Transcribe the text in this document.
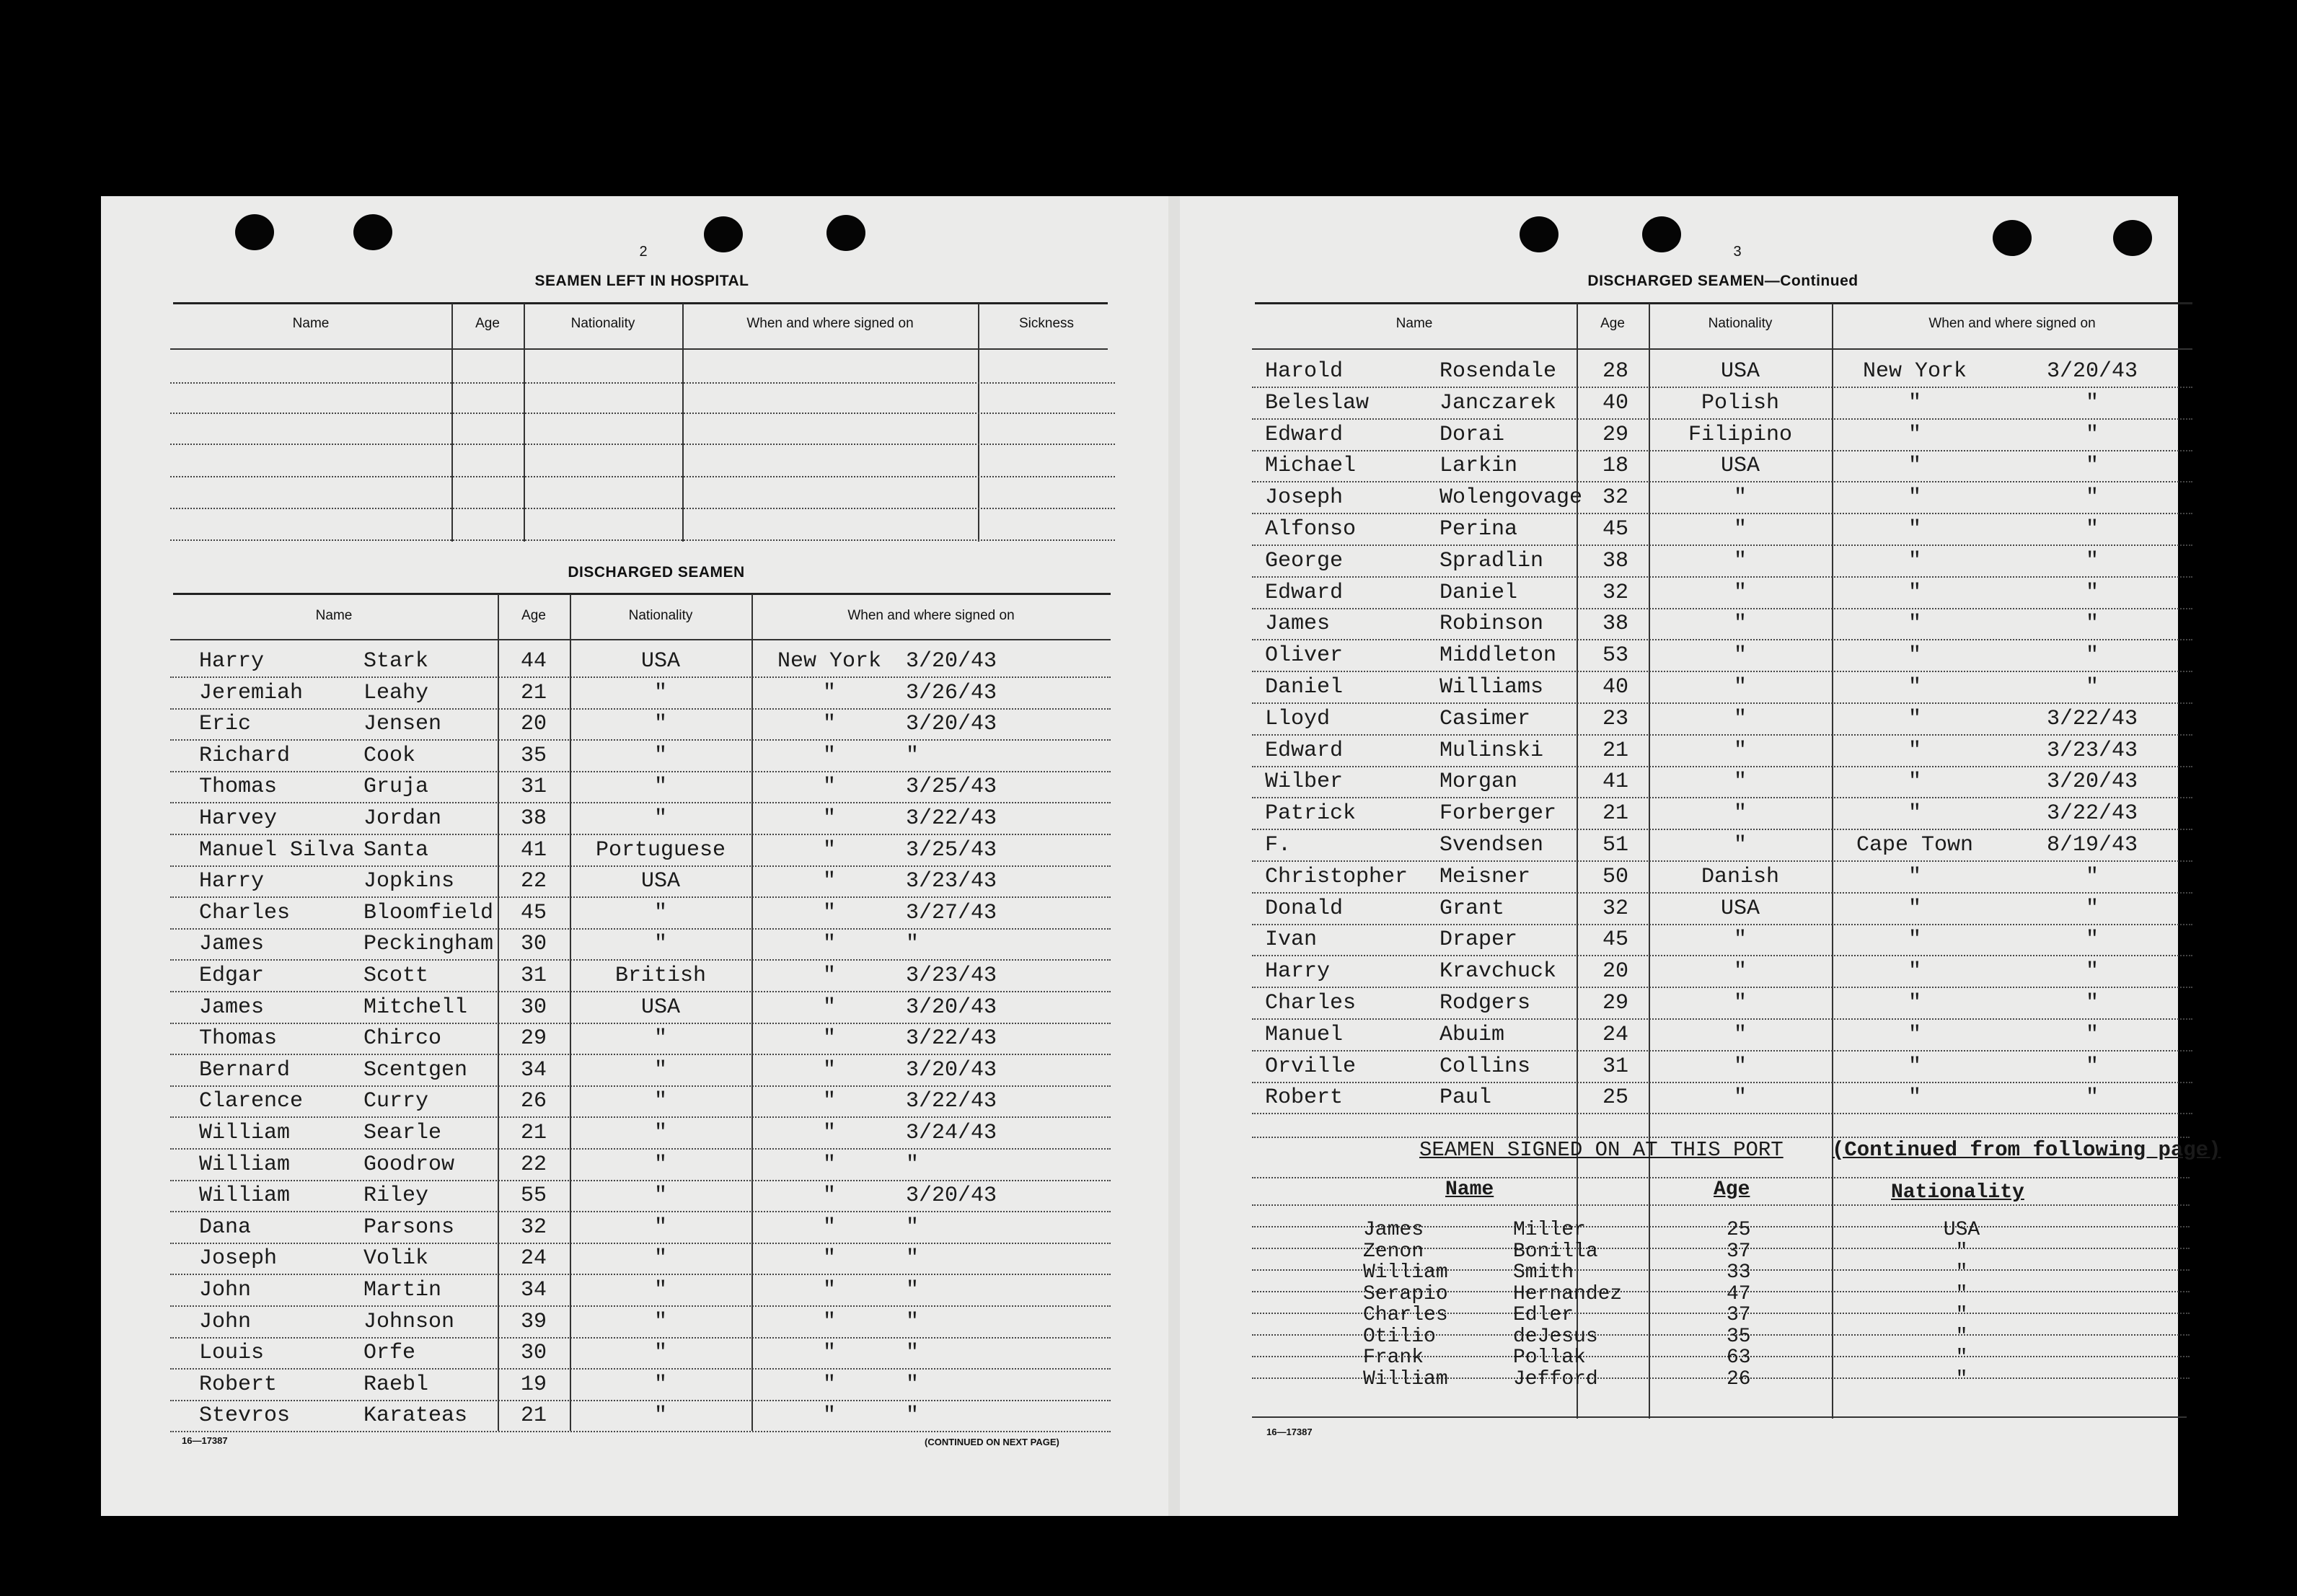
2
SEAMEN LEFT IN HOSPITAL
Name	Age	Nationality	When and where signed on	Sickness
DISCHARGED SEAMEN
Name	Age	Nationality	When and where signed on
Harry	Stark	44	USA	New York	3/20/43
Jeremiah	Leahy	21	"	"	3/26/43
Eric	Jensen	20	"	"	3/20/43
Richard	Cook	35	"	"	"
Thomas	Gruja	31	"	"	3/25/43
Harvey	Jordan	38	"	"	3/22/43
Manuel Silva Santa	41	Portuguese	"	3/25/43
Harry	Jopkins	22	USA	"	3/23/43
Charles	Bloomfield 45	"	"	3/27/43
James	Peckingham 30	"	"	"
Edgar	Scott	31	British	"	3/23/43
James	Mitchell 30	USA	"	3/20/43
Thomas	Chirco	29	"	"	3/22/43
Bernard	Scentgen 34	"	"	3/20/43
Clarence	Curry	26	"	"	3/22/43
William	Searle	21	"	"	3/24/43
William	Goodrow	22	"	"	"
William	Riley	55	"	"	3/20/43
Dana	Parsons	32	"	"	"
Joseph	Volik	24	"	"	"
John	Martin	34	"	"	"
John	Johnson	39	"	"	"
Louis	Orfe	30	"	"	"
Robert	Raebl	19	"	"	"
Stevros	Karateas 21	"	"	"
16—17387	(CONTINUED ON NEXT PAGE)
3
DISCHARGED SEAMEN—Continued
Name	Age	Nationality	When and where signed on
Harold	Rosendale 28	USA	New York	3/20/43
Beleslaw	Janczarek 40	Polish	"	"
Edward	Dorai	29	Filipino	"	"
Michael	Larkin	18	USA	"	"
Joseph	Wolengovage 32	"	"	"
Alfonso	Perina	45	"	"	"
George	Spradlin	38	"	"	"
Edward	Daniel	32	"	"	"
James	Robinson	38	"	"	"
Oliver	Middleton 53	"	"	"
Daniel	Williams	40	"	"	"
Lloyd	Casimer	23	"	"	3/22/43
Edward	Mulinski	21	"	"	3/23/43
Wilber	Morgan	41	"	"	3/20/43
Patrick	Forberger 21	"	"	3/22/43
F.	Svendsen	51	"	Cape Town	8/19/43
Christopher Meisner	50	Danish	"	"
Donald	Grant	32	USA	"	"
Ivan	Draper	45	"	"	"
Harry	Kravchuck 20	"	"	"
Charles	Rodgers	29	"	"	"
Manuel	Abuim	24	"	"	"
Orville	Collins	31	"	"	"
Robert	Paul	25	"	"	"
SEAMEN SIGNED ON AT THIS PORT (Continued from following page)
Name	Age	Nationality
James	Miller	25	USA
Zenon	Bonilla	37	"
William	Smith	33	"
Serapio	Hernandez	47	"
Charles	Edler	37	"
Otilio	deJesus	35	"
Frank	Pollak	63	"
William	Jefford	26	"
16—17387
